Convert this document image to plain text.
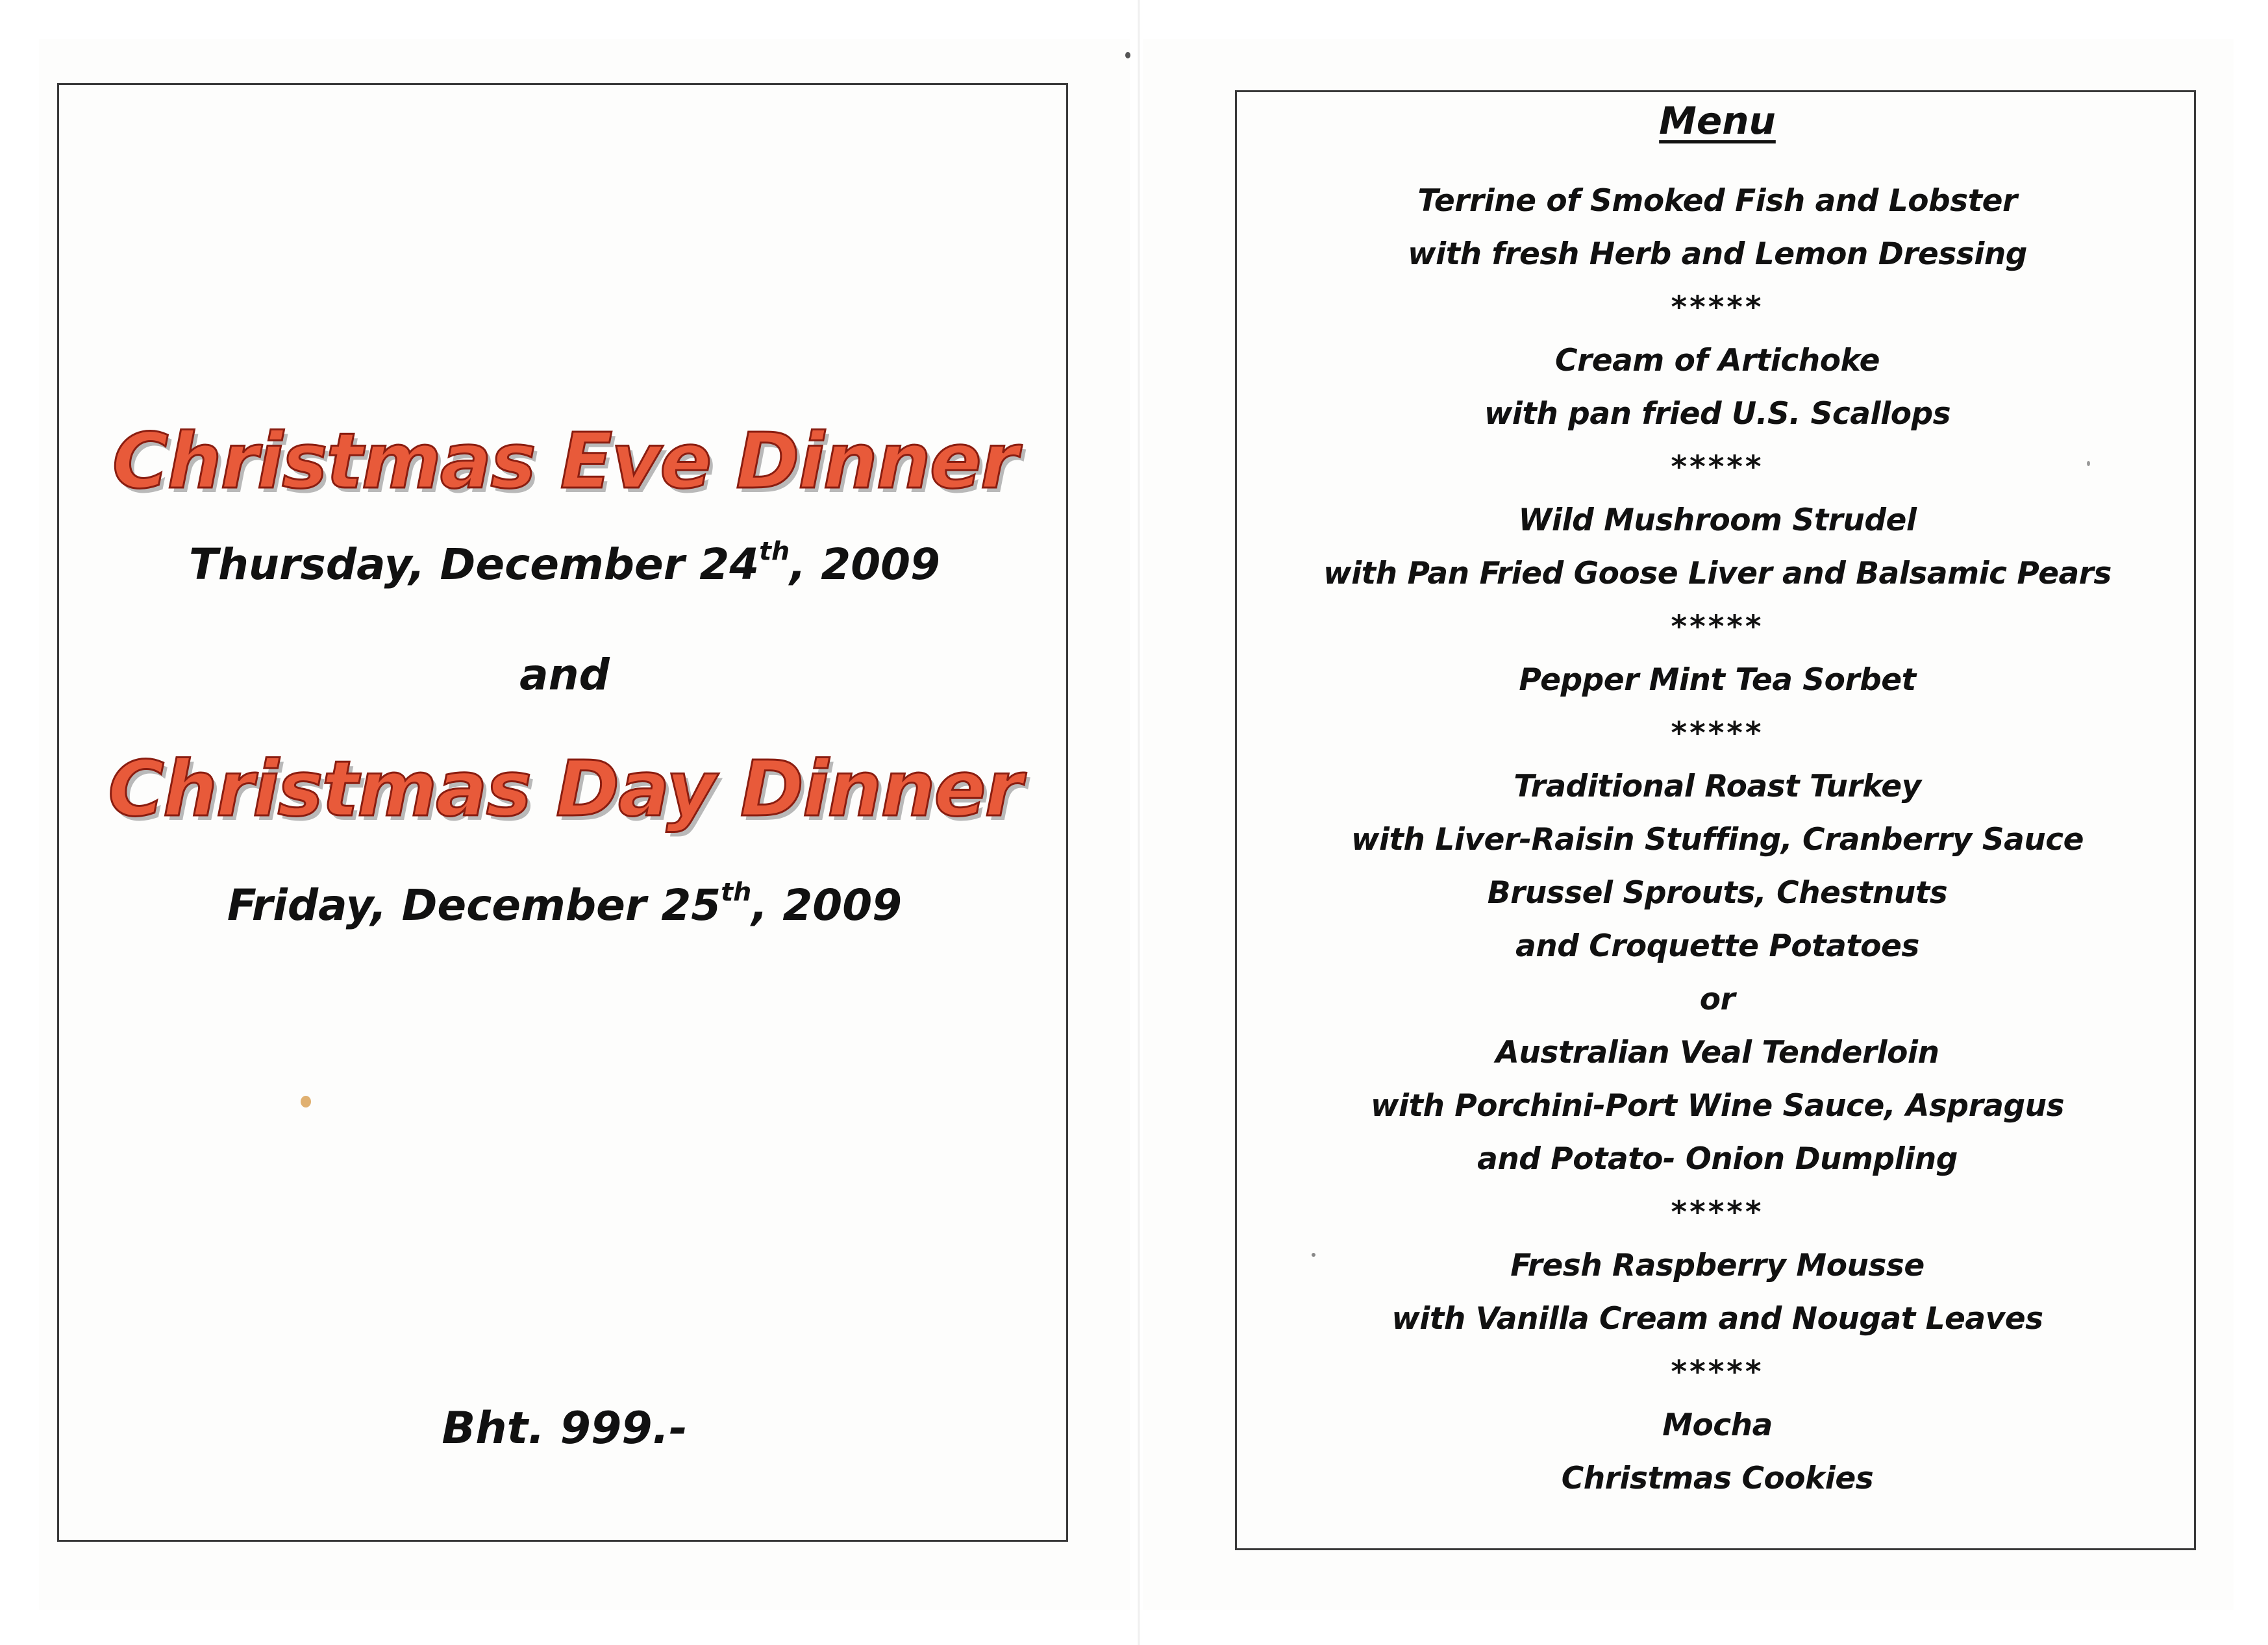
Christmas Eve Dinner
Thursday, December 24th, 2009
and
Christmas Day Dinner
Friday, December 25th, 2009
Bht. 999.-
Menu
Terrine of Smoked Fish and Lobster
with fresh Herb and Lemon Dressing
*****
Cream of Artichoke
with pan fried U.S. Scallops
*****
Wild Mushroom Strudel
with Pan Fried Goose Liver and Balsamic Pears
*****
Pepper Mint Tea Sorbet
*****
Traditional Roast Turkey
with Liver-Raisin Stuffing, Cranberry Sauce
Brussel Sprouts, Chestnuts
and Croquette Potatoes
or
Australian Veal Tenderloin
with Porchini-Port Wine Sauce, Aspragus
and Potato- Onion Dumpling
*****
Fresh Raspberry Mousse
with Vanilla Cream and Nougat Leaves
*****
Mocha
Christmas Cookies
